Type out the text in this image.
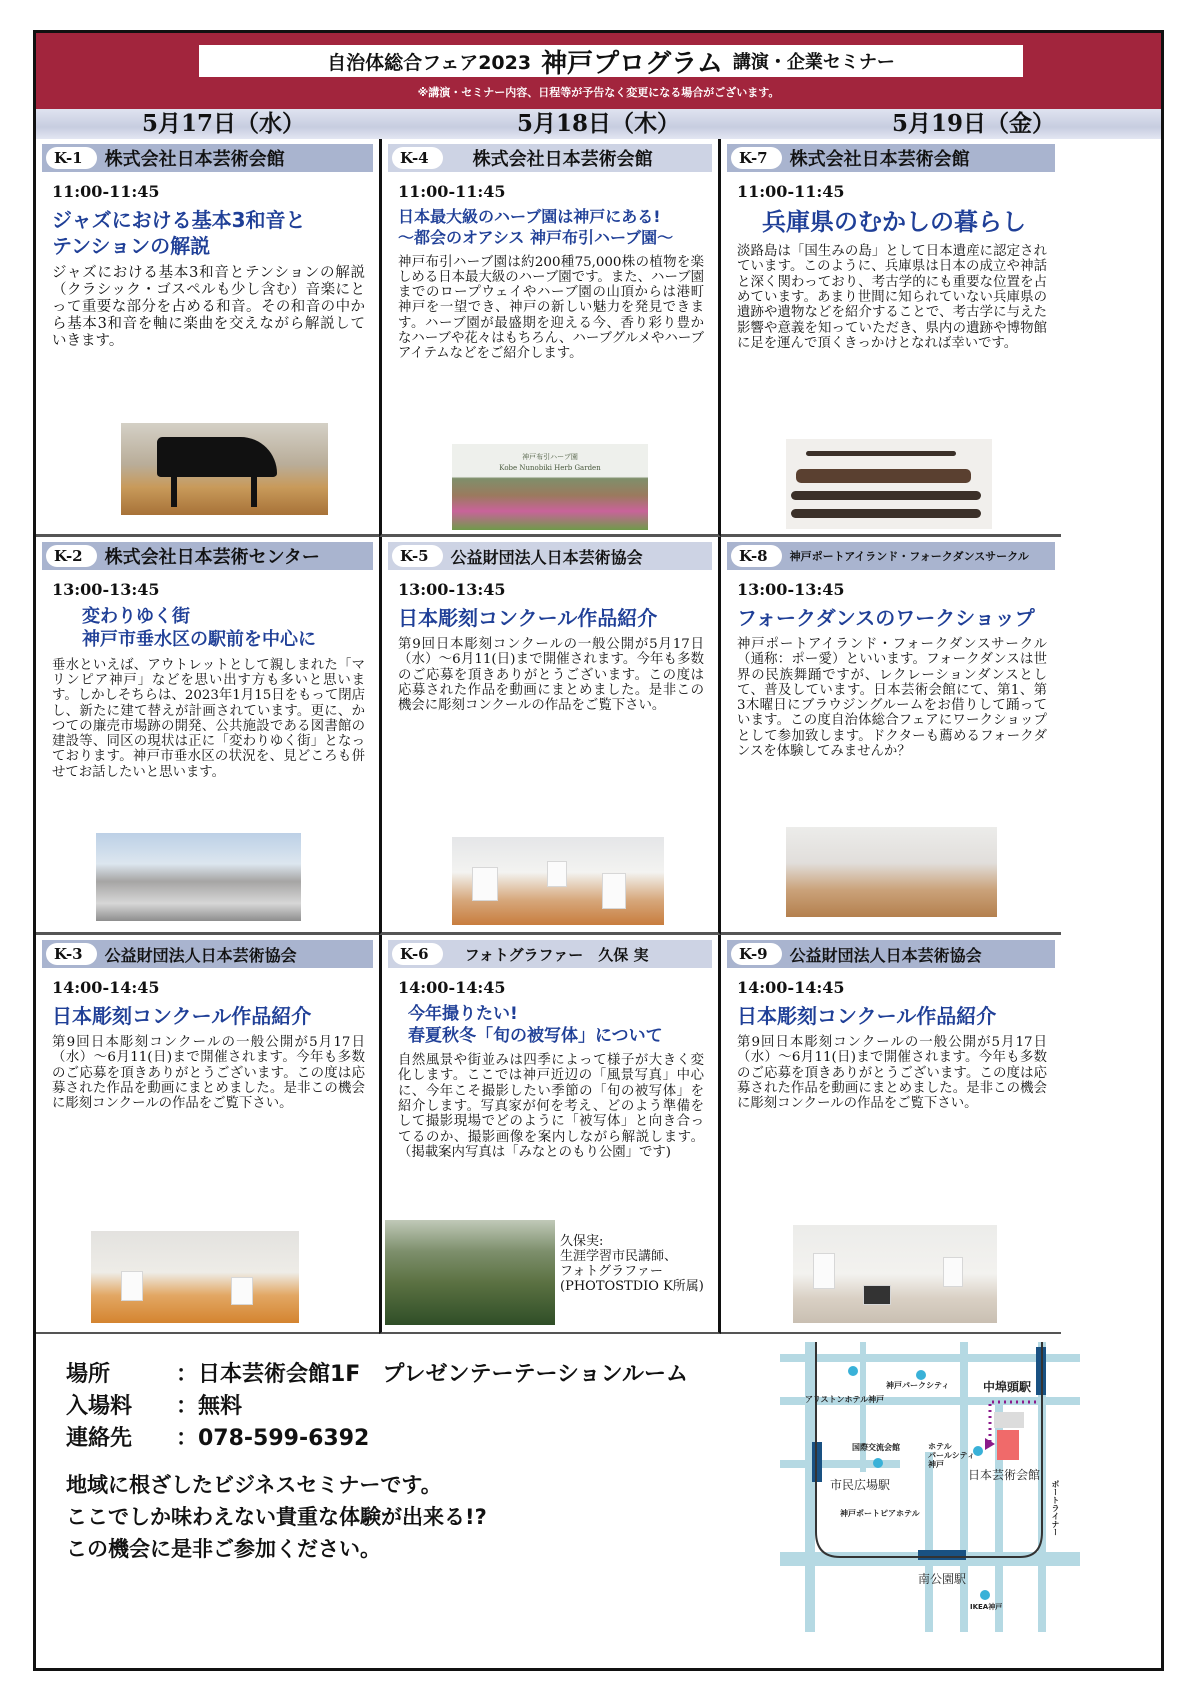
自治体総合フェア2023 神戸プログラム 講演・企業セミナー
※講演・セミナー内容、日程等が予告なく変更になる場合がございます。
5月17日（水）	5月18日（木）	5月19日（金）
K-1	株式会社日本芸術会館
11:00-11:45
ジャズにおける基本3和音と
テンションの解説
ジャズにおける基本3和音とテンションの解説　（クラシック・ゴスペルも少し含む）音楽にとって重要な部分を占める和音。その和音の中から基本3和音を軸に楽曲を交えながら解説していきます。
K-4	株式会社日本芸術会館
11:00-11:45
日本最大級のハーブ園は神戸にある!
～都会のオアシス 神戸布引ハーブ園～
神戸布引ハーブ園は約200種75,000株の植物を楽しめる日本最大級のハーブ園です。また、ハーブ園までのロープウェイやハーブ園の山頂からは港町神戸を一望でき、神戸の新しい魅力を発見できます。ハーブ園が最盛期を迎える今、香り彩り豊かなハーブや花々はもちろん、ハーブグルメやハーブアイテムなどをご紹介します。
神戸布引ハーブ園
Kobe Nunobiki Herb Garden
K-7	株式会社日本芸術会館
11:00-11:45
兵庫県のむかしの暮らし
淡路島は「国生みの島」として日本遺産に認定されています。このように、兵庫県は日本の成立や神話と深く関わっており、考古学的にも重要な位置を占めています。あまり世間に知られていない兵庫県の遺跡や遺物などを紹介することで、考古学に与えた影響や意義を知っていただき、県内の遺跡や博物館に足を運んで頂くきっかけとなれば幸いです。
K-2	株式会社日本芸術センター
13:00-13:45
変わりゆく街
神戸市垂水区の駅前を中心に
垂水といえば、アウトレットとして親しまれた「マリンピア神戸」などを思い出す方も多いと思います。しかしそちらは、2023年1月15日をもって閉店し、新たに建て替えが計画されています。更に、かつての廉売市場跡の開発、公共施設である図書館の建設等、同区の現状は正に「変わりゆく街」となっております。神戸市垂水区の状況を、見どころも併せてお話したいと思います。
K-5	公益財団法人日本芸術協会
13:00-13:45
日本彫刻コンクール作品紹介
第9回日本彫刻コンクールの一般公開が5月17日（水）～6月11(日)まで開催されます。今年も多数のご応募を頂きありがとうございます。この度は応募された作品を動画にまとめました。是非この機会に彫刻コンクールの作品をご覧下さい。
K-8	神戸ポートアイランド・フォークダンスサークル
13:00-13:45
フォークダンスのワークショップ
神戸ポートアイランド・フォークダンスサークル（通称：ポー愛）といいます。フォークダンスは世界の民族舞踊ですが、レクレーションダンスとして、普及しています。日本芸術会館にて、第1、第3木曜日にブラウジングルームをお借りして踊っています。この度自治体総合フェアにワークショップとして参加致します。ドクターも薦めるフォークダンスを体験してみませんか？
K-3	公益財団法人日本芸術協会
14:00-14:45
日本彫刻コンクール作品紹介
第9回日本彫刻コンクールの一般公開が5月17日（水）～6月11(日)まで開催されます。今年も多数のご応募を頂きありがとうございます。この度は応募された作品を動画にまとめました。是非この機会に彫刻コンクールの作品をご覧下さい。
K-6	フォトグラファー　久保 実
14:00-14:45
今年撮りたい!
春夏秋冬「旬の被写体」について
自然風景や街並みは四季によって様子が大きく変化します。ここでは神戸近辺の「風景写真」中心に、今年こそ撮影したい季節の「旬の被写体」を紹介します。写真家が何を考え、どのよう準備をして撮影現場でどのように「被写体」と向き合ってるのか、撮影画像を案内しながら解説します。（掲載案内写真は「みなとのもり公園」です)
久保実:
生涯学習市民講師、
フォトグラファー
(PHOTOSTDIO K所属)
K-9	公益財団法人日本芸術協会
14:00-14:45
日本彫刻コンクール作品紹介
第9回日本彫刻コンクールの一般公開が5月17日（水）～6月11(日)まで開催されます。今年も多数のご応募を頂きありがとうございます。この度は応募された作品を動画にまとめました。是非この機会に彫刻コンクールの作品をご覧下さい。
場所	： 日本芸術会館1F　プレゼンテーテーションルーム
入場料	： 無料
連絡先	： 078-599-6392
地域に根ざしたビジネスセミナーです。
ここでしか味わえない貴重な体験が出来る!?
この機会に是非ご参加ください。
神戸パークシティ
アリストンホテル神戸
中埠頭駅
国際交流会館	ホテル
パールシティ
神戸
日本芸術会館
市民広場駅
神戸ポートピアホテル	ポートライナー
南公園駅
IKEA神戸
